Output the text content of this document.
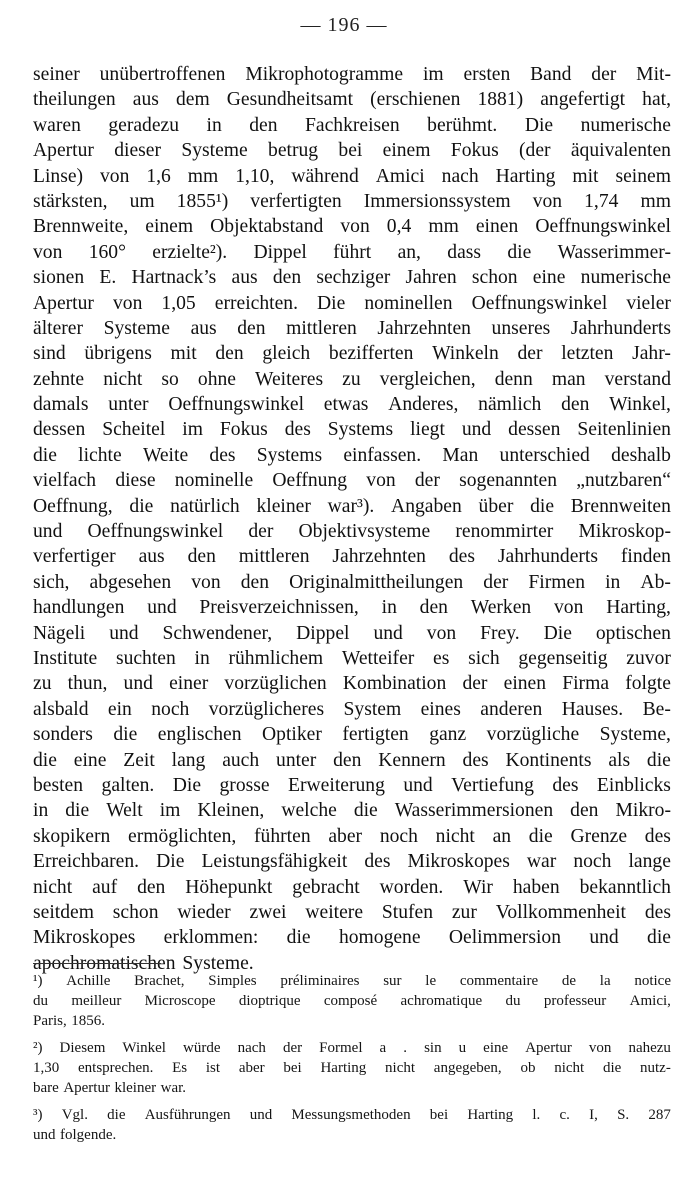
— 196 —
seiner unübertroffenen Mikrophotogramme im ersten Band der Mit-
theilungen aus dem Gesundheitsamt (erschienen 1881) angefertigt hat,
waren geradezu in den Fachkreisen berühmt. Die numerische
Apertur dieser Systeme betrug bei einem Fokus (der äquivalenten
Linse) von 1,6 mm 1,10, während Amici nach Harting mit seinem
stärksten, um 1855¹) verfertigten Immersionssystem von 1,74 mm
Brennweite, einem Objektabstand von 0,4 mm einen Oeffnungswinkel
von 160° erzielte²). Dippel führt an, dass die Wasserimmer-
sionen E. Hartnack’s aus den sechziger Jahren schon eine numerische
Apertur von 1,05 erreichten. Die nominellen Oeffnungswinkel vieler
älterer Systeme aus den mittleren Jahrzehnten unseres Jahrhunderts
sind übrigens mit den gleich bezifferten Winkeln der letzten Jahr-
zehnte nicht so ohne Weiteres zu vergleichen, denn man verstand
damals unter Oeffnungswinkel etwas Anderes, nämlich den Winkel,
dessen Scheitel im Fokus des Systems liegt und dessen Seitenlinien
die lichte Weite des Systems einfassen. Man unterschied deshalb
vielfach diese nominelle Oeffnung von der sogenannten „nutzbaren“
Oeffnung, die natürlich kleiner war³). Angaben über die Brennweiten
und Oeffnungswinkel der Objektivsysteme renommirter Mikroskop-
verfertiger aus den mittleren Jahrzehnten des Jahrhunderts finden
sich, abgesehen von den Originalmittheilungen der Firmen in Ab-
handlungen und Preisverzeichnissen, in den Werken von Harting,
Nägeli und Schwendener, Dippel und von Frey. Die optischen
Institute suchten in rühmlichem Wetteifer es sich gegenseitig zuvor
zu thun, und einer vorzüglichen Kombination der einen Firma folgte
alsbald ein noch vorzüglicheres System eines anderen Hauses. Be-
sonders die englischen Optiker fertigten ganz vorzügliche Systeme,
die eine Zeit lang auch unter den Kennern des Kontinents als die
besten galten. Die grosse Erweiterung und Vertiefung des Einblicks
in die Welt im Kleinen, welche die Wasserimmersionen den Mikro-
skopikern ermöglichten, führten aber noch nicht an die Grenze des
Erreichbaren. Die Leistungsfähigkeit des Mikroskopes war noch lange
nicht auf den Höhepunkt gebracht worden. Wir haben bekanntlich
seitdem schon wieder zwei weitere Stufen zur Vollkommenheit des
Mikroskopes erklommen: die homogene Oelimmersion und die
apochromatischen Systeme.
¹) Achille Brachet, Simples préliminaires sur le commentaire de la notice
du meilleur Microscope dioptrique composé achromatique du professeur Amici,
Paris, 1856.
²) Diesem Winkel würde nach der Formel a . sin u eine Apertur von nahezu
1,30 entsprechen. Es ist aber bei Harting nicht angegeben, ob nicht die nutz-
bare Apertur kleiner war.
³) Vgl. die Ausführungen und Messungsmethoden bei Harting l. c. I, S. 287
und folgende.
